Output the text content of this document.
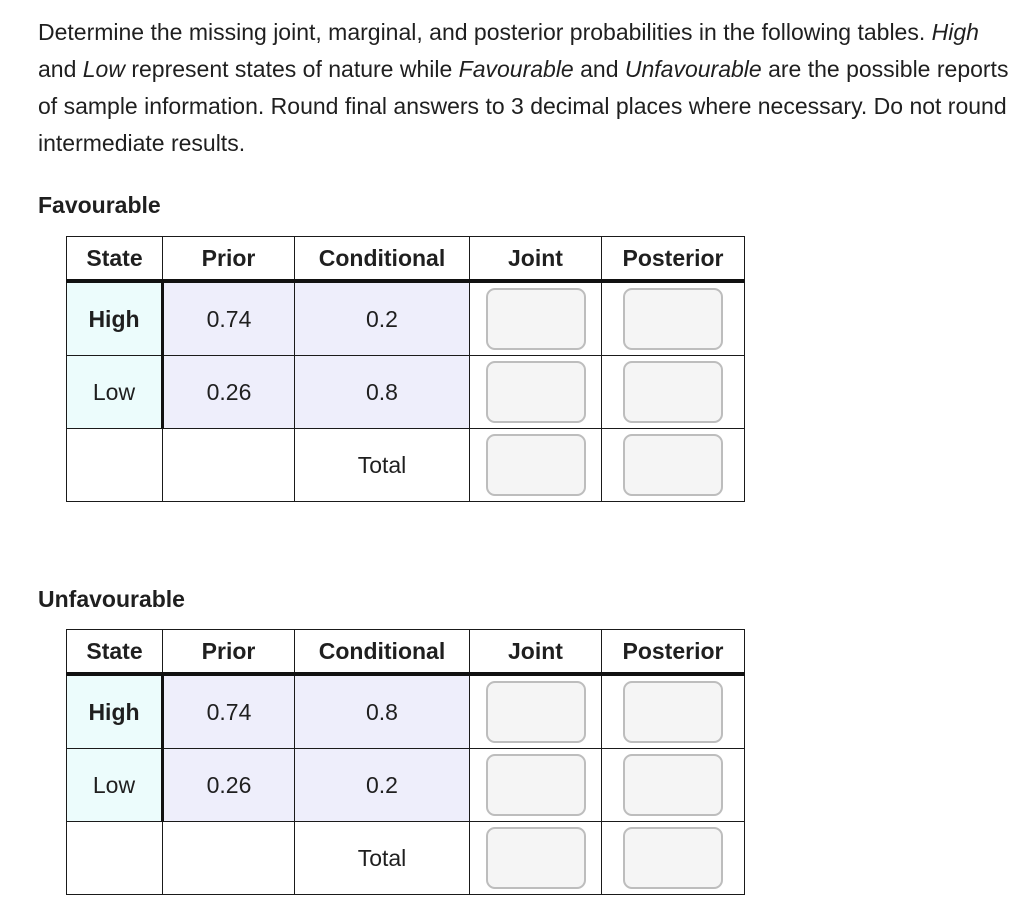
Determine the missing joint, marginal, and posterior probabilities in the following tables. High and Low represent states of nature while Favourable and Unfavourable are the possible reports of sample information. Round final answers to 3 decimal places where necessary. Do not round intermediate results.

Favourable
State	Prior	Conditional	Joint	Posterior
High	0.74	0.2	

Low	0.26	0.8	

		Total	

Unfavourable
State	Prior	Conditional	Joint	Posterior
High	0.74	0.8	

Low	0.26	0.2	

		Total	
